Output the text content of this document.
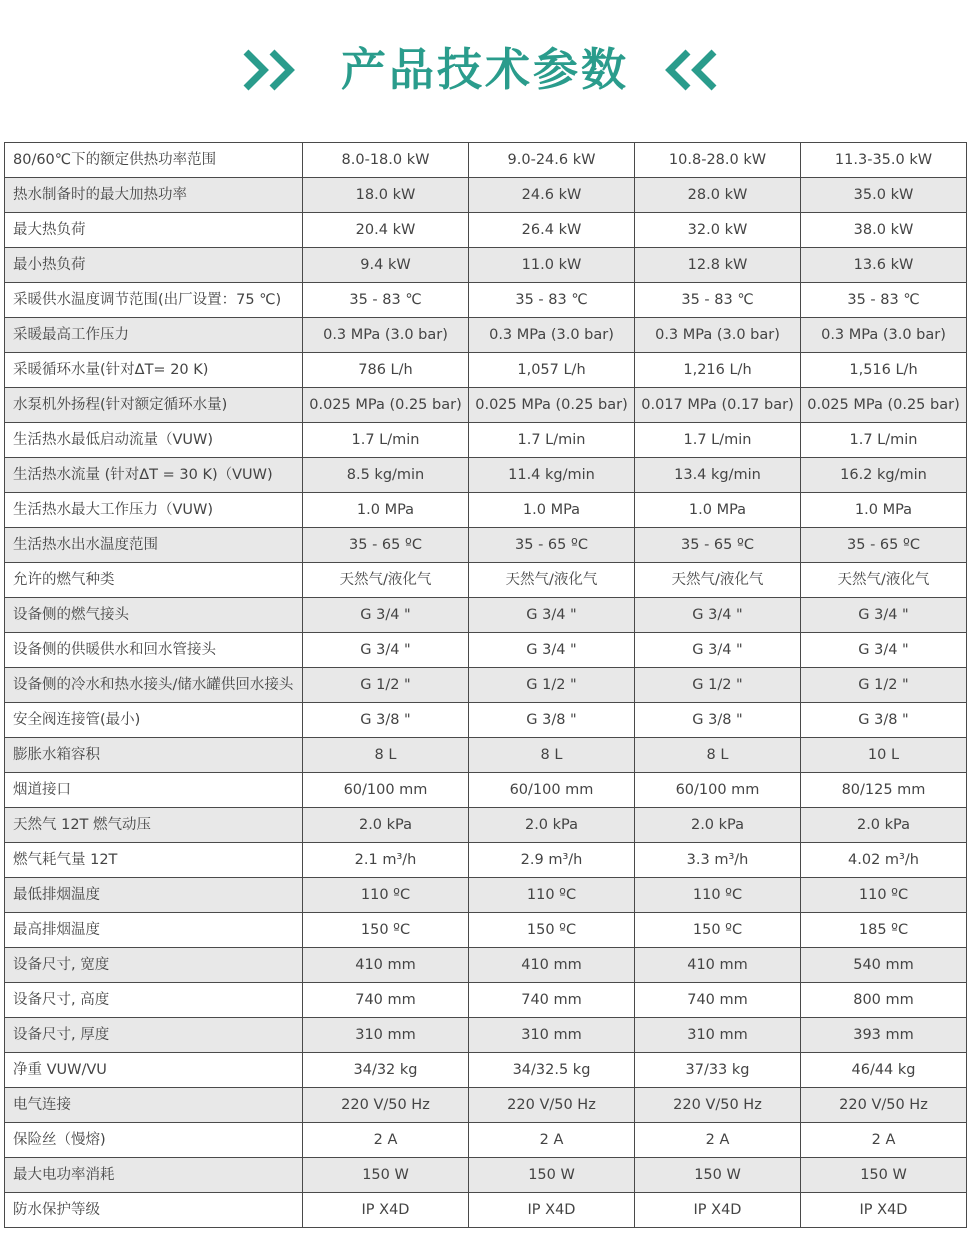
产品技术参数
80/60℃下的额定供热功率范围	8.0-18.0 kW	9.0-24.6 kW	10.8-28.0 kW	11.3-35.0 kW
热水制备时的最大加热功率	18.0 kW	24.6 kW	28.0 kW	35.0 kW
最大热负荷	20.4 kW	26.4 kW	32.0 kW	38.0 kW
最小热负荷	9.4 kW	11.0 kW	12.8 kW	13.6 kW
采暖供水温度调节范围(出厂设置：75 ℃)	35 - 83 ℃	35 - 83 ℃	35 - 83 ℃	35 - 83 ℃
采暖最高工作压力	0.3 MPa (3.0 bar)	0.3 MPa (3.0 bar)	0.3 MPa (3.0 bar)	0.3 MPa (3.0 bar)
采暖循环水量(针对ΔT= 20 K)	786 L/h	1,057 L/h	1,216 L/h	1,516 L/h
水泵机外扬程(针对额定循环水量)	0.025 MPa (0.25 bar)	0.025 MPa (0.25 bar)	0.017 MPa (0.17 bar)	0.025 MPa (0.25 bar)
生活热水最低启动流量（VUW)	1.7 L/min	1.7 L/min	1.7 L/min	1.7 L/min
生活热水流量 (针对ΔT = 30 K)（VUW)	8.5 kg/min	11.4 kg/min	13.4 kg/min	16.2 kg/min
生活热水最大工作压力（VUW)	1.0 MPa	1.0 MPa	1.0 MPa	1.0 MPa
生活热水出水温度范围	35 - 65 ºC	35 - 65 ºC	35 - 65 ºC	35 - 65 ºC
允许的燃气种类	天然气/液化气	天然气/液化气	天然气/液化气	天然气/液化气
设备侧的燃气接头	G 3/4 "	G 3/4 "	G 3/4 "	G 3/4 "
设备侧的供暖供水和回水管接头	G 3/4 "	G 3/4 "	G 3/4 "	G 3/4 "
设备侧的冷水和热水接头/储水罐供回水接头	G 1/2 "	G 1/2 "	G 1/2 "	G 1/2 "
安全阀连接管(最小)	G 3/8 "	G 3/8 "	G 3/8 "	G 3/8 "
膨胀水箱容积	8 L	8 L	8 L	10 L
烟道接口	60/100 mm	60/100 mm	60/100 mm	80/125 mm
天然气 12T 燃气动压	2.0 kPa	2.0 kPa	2.0 kPa	2.0 kPa
燃气耗气量 12T	2.1 m³/h	2.9 m³/h	3.3 m³/h	4.02 m³/h
最低排烟温度	110 ºC	110 ºC	110 ºC	110 ºC
最高排烟温度	150 ºC	150 ºC	150 ºC	185 ºC
设备尺寸, 宽度	410 mm	410 mm	410 mm	540 mm
设备尺寸, 高度	740 mm	740 mm	740 mm	800 mm
设备尺寸, 厚度	310 mm	310 mm	310 mm	393 mm
净重 VUW/VU	34/32 kg	34/32.5 kg	37/33 kg	46/44 kg
电气连接	220 V/50 Hz	220 V/50 Hz	220 V/50 Hz	220 V/50 Hz
保险丝（慢熔)	2 A	2 A	2 A	2 A
最大电功率消耗	150 W	150 W	150 W	150 W
防水保护等级	IP X4D	IP X4D	IP X4D	IP X4D
